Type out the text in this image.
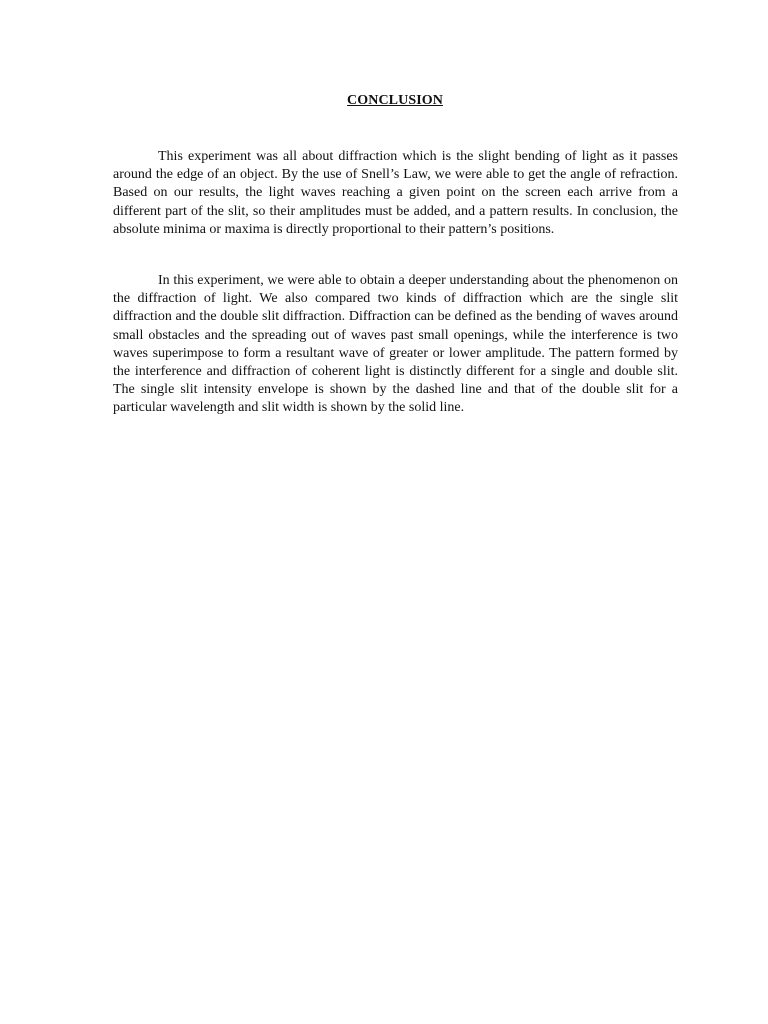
CONCLUSION

This experiment was all about diffraction which is the slight bending of light as it passes around the edge of an object. By the use of Snell’s Law, we were able to get the angle of refraction. Based on our results, the light waves reaching a given point on the screen each arrive from a different part of the slit, so their amplitudes must be added, and a pattern results. In conclusion, the absolute minima or maxima is directly proportional to their pattern’s positions.

In this experiment, we were able to obtain a deeper understanding about the phenomenon on the diffraction of light. We also compared two kinds of diffraction which are the single slit diffraction and the double slit diffraction. Diffraction can be defined as the bending of waves around small obstacles and the spreading out of waves past small openings, while the interference is two waves superimpose to form a resultant wave of greater or lower amplitude. The pattern formed by the interference and diffraction of coherent light is distinctly different for a single and double slit. The single slit intensity envelope is shown by the dashed line and that of the double slit for a particular wavelength and slit width is shown by the solid line.
